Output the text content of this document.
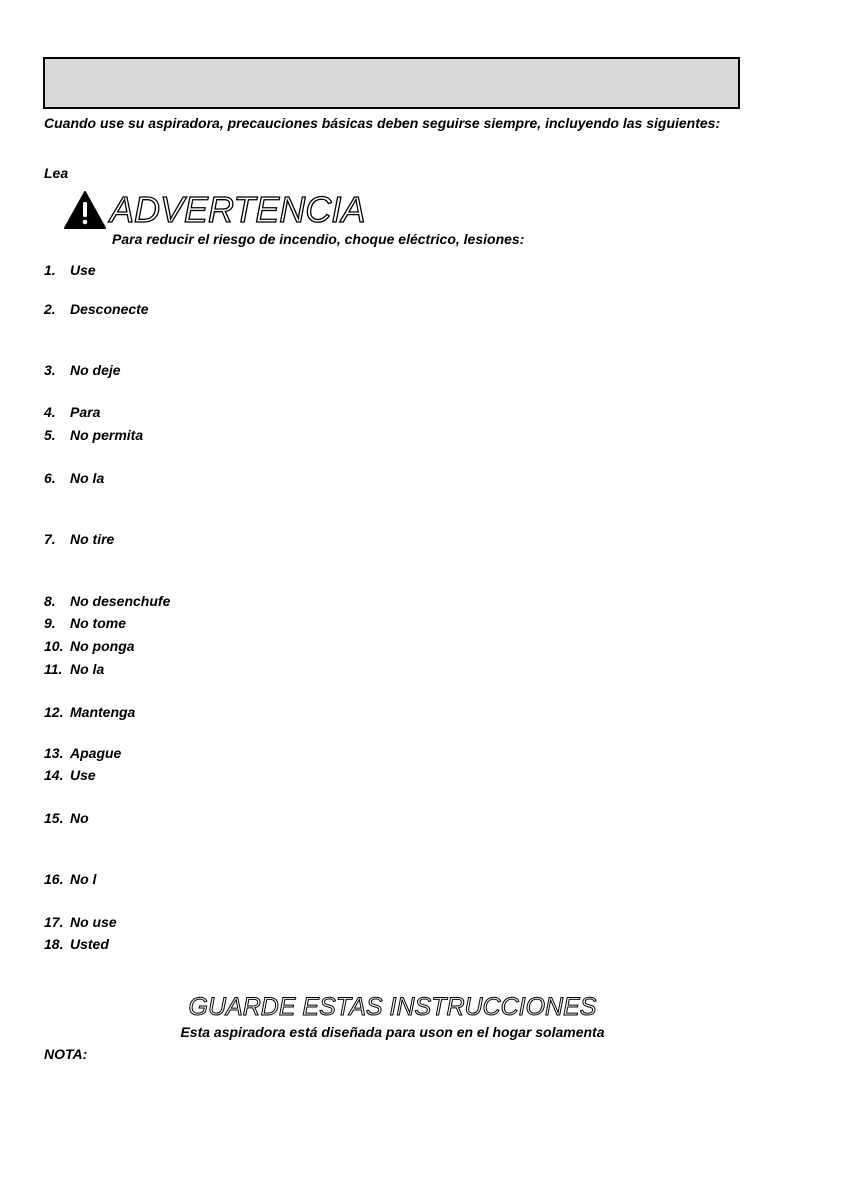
Cuando use su aspiradora, precauciones básicas deben seguirse siempre, incluyendo las siguientes:
Lea
ADVERTENCIA
Para reducir el riesgo de incendio, choque eléctrico, lesiones:
1. Use
2. Desconecte
3. No deje
4. Para
5. No permita
6. No la
7. No tire
8. No desenchufe
9. No tome
10. No ponga
11. No la
12. Mantenga
13. Apague
14. Use
15. No
16. No l
17. No use
18. Usted
GUARDE ESTAS INSTRUCCIONES
Esta aspiradora está diseñada para uson en el hogar solamenta
NOTA:
